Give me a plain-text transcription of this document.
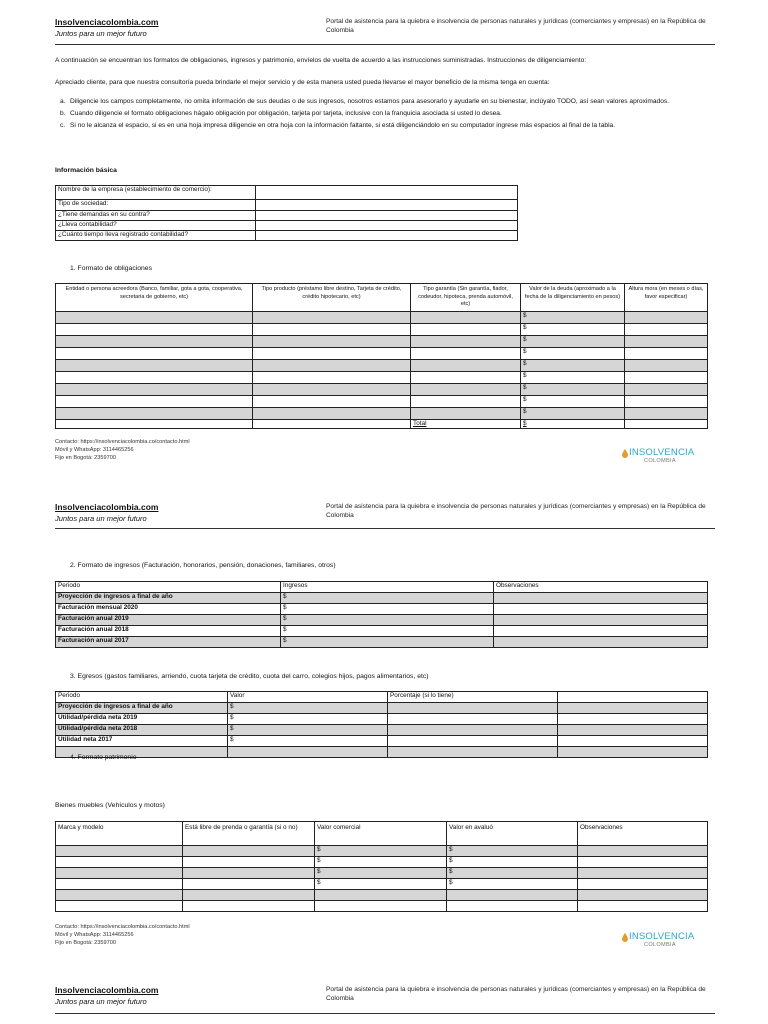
Insolvenciacolombia.com
Juntos para un mejor futuro
Portal de asistencia para la quiebra e insolvencia de personas naturales y jurídicas (comerciantes y empresas) en la República de Colombia
A continuación se encuentran los formatos de obligaciones, ingresos y patrimonio, envíelos de vuelta de acuerdo a las instrucciones suministradas. Instrucciones de diligenciamiento:
Apreciado cliente, para que nuestra consultoría pueda brindarle el mejor servicio y de esta manera usted pueda llevarse el mayor beneficio de la misma tenga en cuenta:
a. Diligencie los campos completamente, no omita información de sus deudas o de sus ingresos, nosotros estamos para asesorarlo y ayudarle en su bienestar, inclúyalo TODO, así sean valores aproximados.
b. Cuando diligencie el formato obligaciones hágalo obligación por obligación, tarjeta por tarjeta, inclusive con la franquicia asociada si usted lo desea.
c. Si no le alcanza el espacio, si es en una hoja impresa diligencie en otra hoja con la información faltante, si está diligenciándolo en su computador ingrese más espacios al final de la tabla.
Información básica
Nombre de la empresa (establecimiento de comercio):	
Tipo de sociedad:	
¿Tiene demandas en su contra?	
¿Lleva contabilidad?	
¿Cuánto tiempo lleva registrado contabilidad?	
1. Formato de obligaciones
Entidad o persona acreedora (Banco, familiar, gota a gota, cooperativa, secretaria de gobierno, etc)	Tipo producto (préstamo libre destino, Tarjeta de crédito, crédito hipotecario, etc)	Tipo garantía (Sin garantía, fiador, codeudor, hipoteca, prenda automóvil, etc)	Valor de la deuda (aproximado a la fecha de la diligenciamiento en pesos)	Altura mora (en meses o días, favor especificar)
			$	
			$	
			$	
			$	
			$	
			$	
			$	
			$	
			$	
		Total	$	
Contacto: https://insolvenciacolombia.co/contacto.html
Móvil y WhatsApp: 3114465256
Fijo en Bogotá: 2359700	INSOLVENCIA
COLOMBIA
Insolvenciacolombia.com
Juntos para un mejor futuro
Portal de asistencia para la quiebra e insolvencia de personas naturales y jurídicas (comerciantes y empresas) en la República de Colombia
2. Formato de ingresos (Facturación, honorarios, pensión, donaciones, familiares, otros)
Periodo	Ingresos	Observaciones
Proyección de ingresos a final de año	$	
Facturación mensual 2020	$	
Facturación anual 2019	$	
Facturación anual 2018	$	
Facturación anual 2017	$	
3. Egresos (gastos familiares, arriendo, cuota tarjeta de crédito, cuota del carro, colegios hijos, pagos alimentarios, etc)
Periodo	Valor	Porcentaje (si lo tiene)	
Proyección de ingresos a final de año	$		
Utilidad/pérdida neta 2019	$		
Utilidad/pérdida neta 2018	$		
Utilidad neta 2017	$		

4. Formato patrimonio
Bienes muebles (Vehículos y motos)
Marca y modelo	Está libre de prenda o garantía (si o no)	Valor comercial	Valor en avaluó	Observaciones
		$	$	
		$	$	
		$	$	
		$	$	

Contacto: https://insolvenciacolombia.co/contacto.html
Móvil y WhatsApp: 3114465256
Fijo en Bogotá: 2359700
INSOLVENCIA
COLOMBIA
Insolvenciacolombia.com
Juntos para un mejor futuro
Portal de asistencia para la quiebra e insolvencia de personas naturales y jurídicas (comerciantes y empresas) en la República de Colombia
